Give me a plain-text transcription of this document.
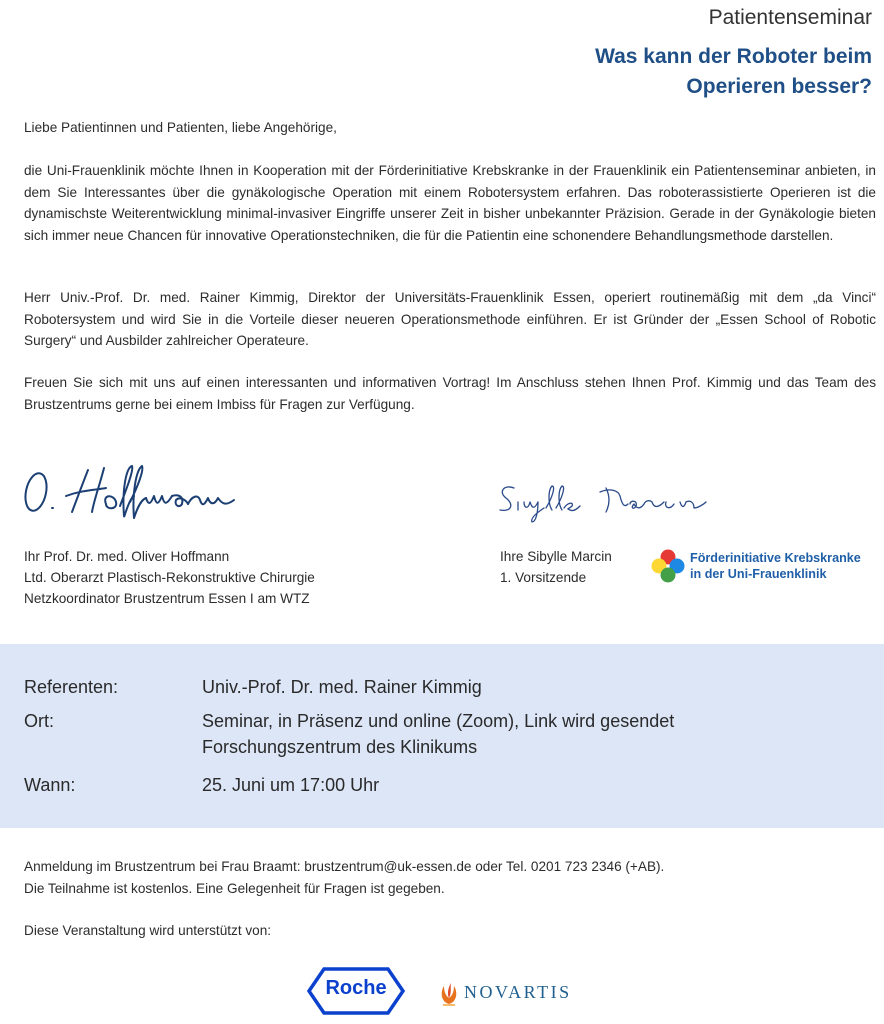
Patientenseminar
Was kann der Roboter beim
Operieren besser?

Liebe Patientinnen und Patienten, liebe Angehörige,

die Uni-Frauenklinik möchte Ihnen in Kooperation mit der Förderinitiative Krebskranke in der Frauenklinik ein Patientenseminar anbieten, in dem Sie Interessantes über die gynäkologische Operation mit einem Robotersystem erfahren. Das roboterassistierte Operieren ist die dynamischste Weiterentwicklung minimal-invasiver Eingriffe unserer Zeit in bisher unbekannter Präzision. Gerade in der Gynäkologie bieten sich immer neue Chancen für innovative Operationstechniken, die für die Patientin eine schonendere Behandlungsmethode darstellen.

Herr Univ.-Prof. Dr. med. Rainer Kimmig, Direktor der Universitäts-Frauenklinik Essen, operiert routinemäßig mit dem „da Vinci“ Robotersystem und wird Sie in die Vorteile dieser neueren Operationsmethode einführen. Er ist Gründer der „Essen School of Robotic Surgery“ und Ausbilder zahlreicher Operateure.

Freuen Sie sich mit uns auf einen interessanten und informativen Vortrag! Im Anschluss stehen Ihnen Prof. Kimmig und das Team des Brustzentrums gerne bei einem Imbiss für Fragen zur Verfügung.

Ihr Prof. Dr. med. Oliver Hoffmann
Ltd. Oberarzt Plastisch-Rekonstruktive Chirurgie
Netzkoordinator Brustzentrum Essen I am WTZ
Ihre Sibylle Marcin
1. Vorsitzende
Förderinitiative Krebskranke
in der Uni-Frauenklinik
Referenten:	Univ.-Prof. Dr. med. Rainer Kimmig
Ort:	Seminar, in Präsenz und online (Zoom), Link wird gesendet
Forschungszentrum des Klinikums
Wann:	25. Juni um 17:00 Uhr

Anmeldung im Brustzentrum bei Frau Braamt: brustzentrum@uk-essen.de oder Tel. 0201 723 2346 (+AB).

Die Teilnahme ist kostenlos. Eine Gelegenheit für Fragen ist gegeben.

Diese Veranstaltung wird unterstützt von:

Roche	NOVARTIS
